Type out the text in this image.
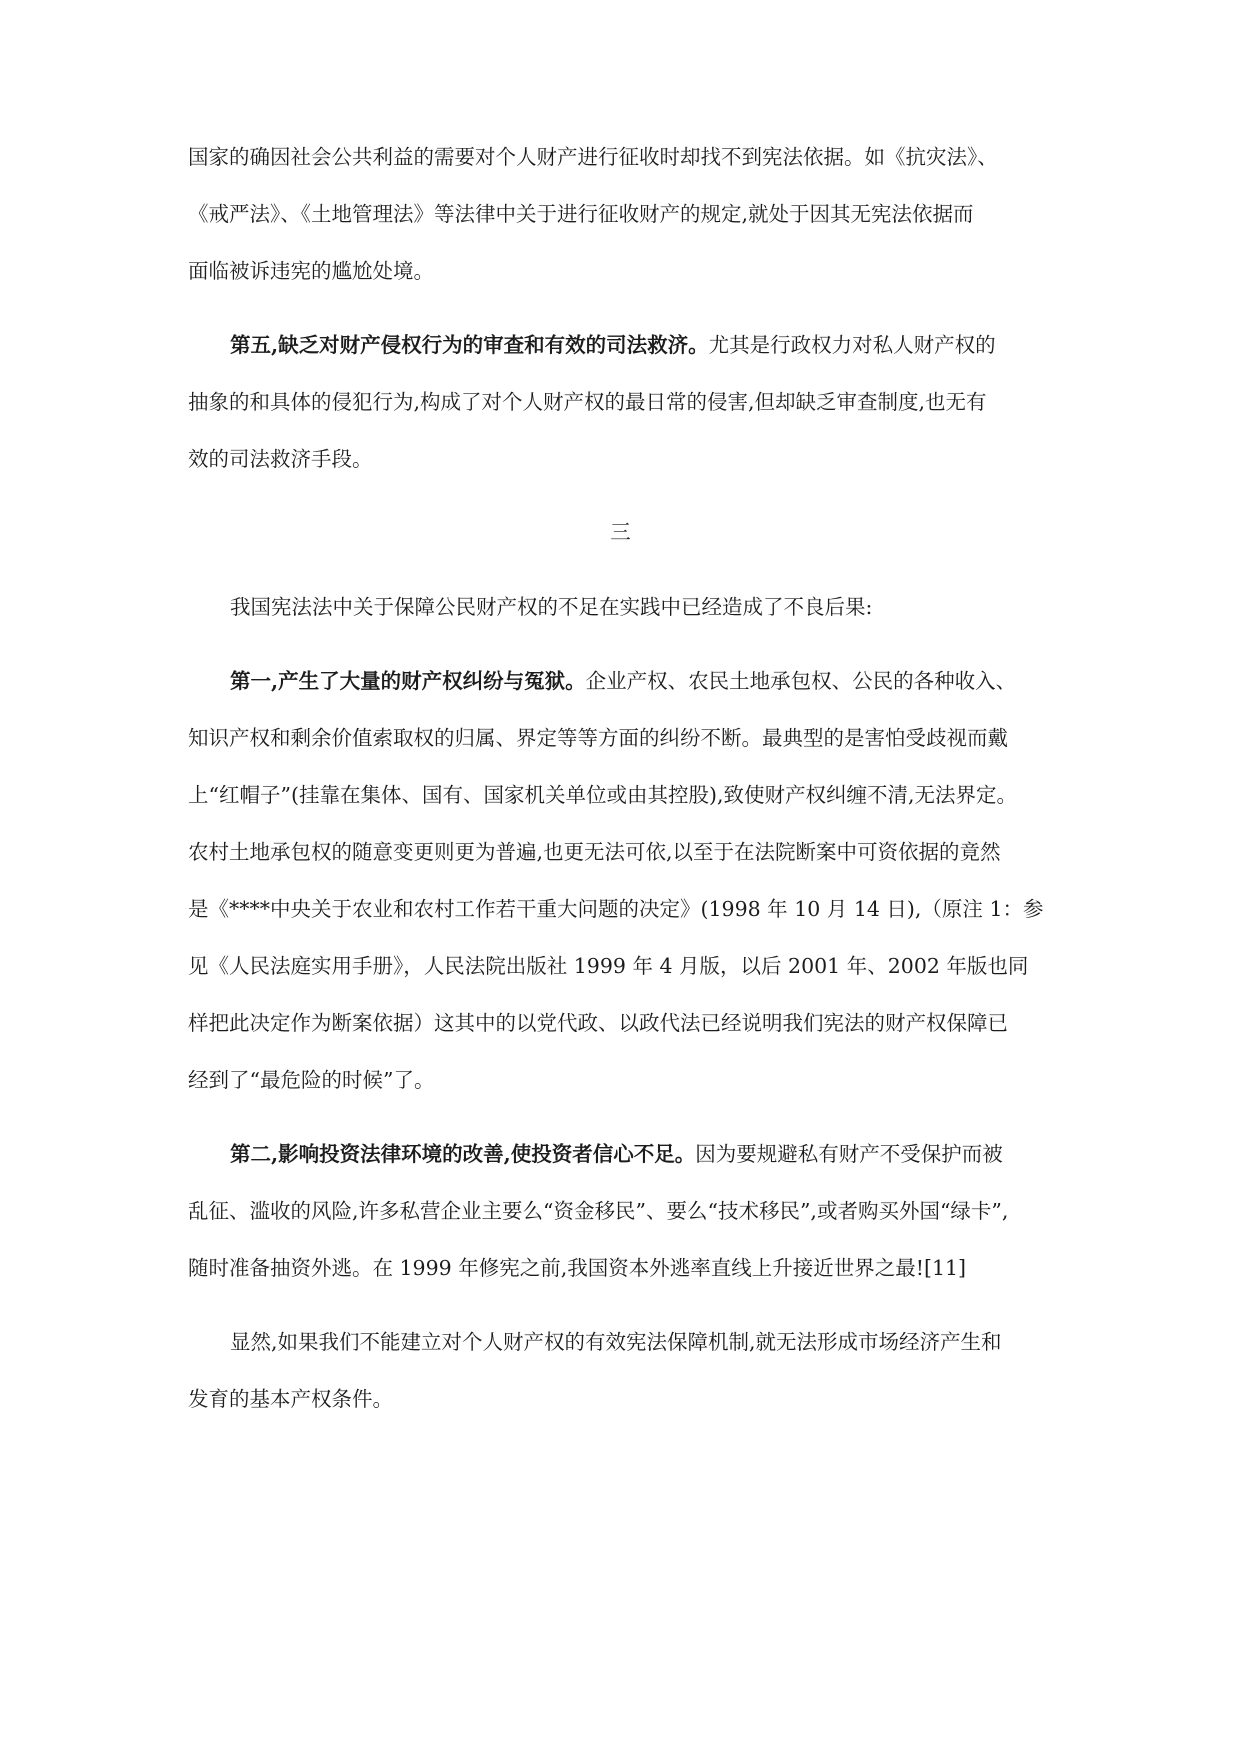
国家的确因社会公共利益的需要对个人财产进行征收时却找不到宪法依据。如《抗灾法》、
《戒严法》、《土地管理法》等法律中关于进行征收财产的规定,就处于因其无宪法依据而
面临被诉违宪的尴尬处境。
第五,缺乏对财产侵权行为的审查和有效的司法救济。尤其是行政权力对私人财产权的
抽象的和具体的侵犯行为,构成了对个人财产权的最日常的侵害,但却缺乏审查制度,也无有
效的司法救济手段。
三
我国宪法法中关于保障公民财产权的不足在实践中已经造成了不良后果:
第一,产生了大量的财产权纠纷与冤狱。企业产权、农民土地承包权、公民的各种收入、
知识产权和剩余价值索取权的归属、界定等等方面的纠纷不断。最典型的是害怕受歧视而戴
上“红帽子”(挂靠在集体、国有、国家机关单位或由其控股),致使财产权纠缠不清,无法界定。
农村土地承包权的随意变更则更为普遍,也更无法可依,以至于在法院断案中可资依据的竟然
是《****中央关于农业和农村工作若干重大问题的决定》(1998 年 10 月 14 日),（原注 1：参
见《人民法庭实用手册》，人民法院出版社 1999 年 4 月版，以后 2001 年、2002 年版也同
样把此决定作为断案依据）这其中的以党代政、以政代法已经说明我们宪法的财产权保障已
经到了“最危险的时候”了。
第二,影响投资法律环境的改善,使投资者信心不足。因为要规避私有财产不受保护而被
乱征、滥收的风险,许多私营企业主要么“资金移民”、要么“技术移民”,或者购买外国“绿卡”,
随时准备抽资外逃。在 1999 年修宪之前,我国资本外逃率直线上升接近世界之最![11]
显然,如果我们不能建立对个人财产权的有效宪法保障机制,就无法形成市场经济产生和
发育的基本产权条件。
